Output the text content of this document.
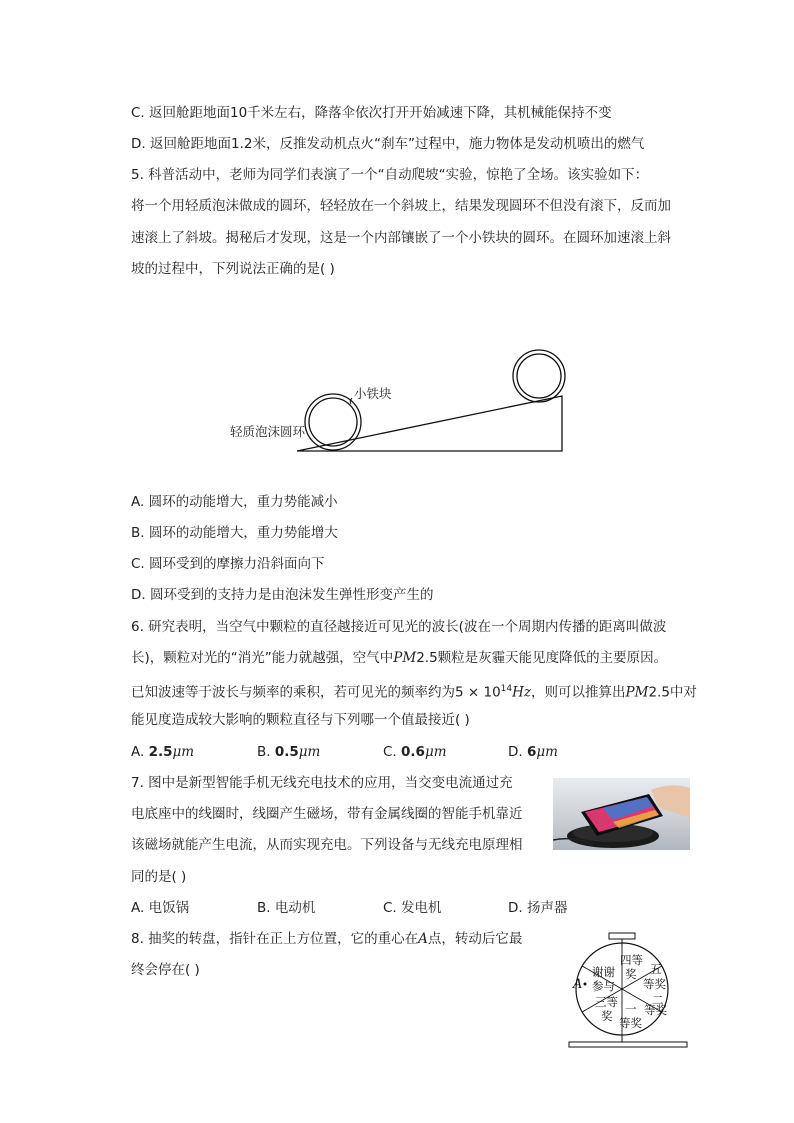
C. 返回舱距地面10千米左右，降落伞依次打开开始减速下降，其机械能保持不变
D. 返回舱距地面1.2米，反推发动机点火“刹车”过程中，施力物体是发动机喷出的燃气
5. 科普活动中，老师为同学们表演了一个“自动爬坡“实验，惊艳了全场。该实验如下：
将一个用轻质泡沫做成的圆环，轻轻放在一个斜坡上，结果发现圆环不但没有滚下，反而加
速滚上了斜坡。揭秘后才发现，这是一个内部镶嵌了一个小铁块的圆环。在圆环加速滚上斜
坡的过程中，下列说法正确的是( )
小铁块
轻质泡沫圆环
A. 圆环的动能增大，重力势能减小
B. 圆环的动能增大，重力势能增大
C. 圆环受到的摩擦力沿斜面向下
D. 圆环受到的支持力是由泡沫发生弹性形变产生的
6. 研究表明，当空气中颗粒的直径越接近可见光的波长(波在一个周期内传播的距离叫做波
长)，颗粒对光的“消光”能力就越强，空气中PM2.5颗粒是灰霾天能见度降低的主要原因。
已知波速等于波长与频率的乘积，若可见光的频率约为$5 \times 10^{14}Hz$，则可以推算出PM2.5中对
能见度造成较大影响的颗粒直径与下列哪一个值最接近( )
A. 2.5μm	B. 0.5μm	C. 0.6μm	D. 6μm
7. 图中是新型智能手机无线充电技术的应用，当交变电流通过充
电底座中的线圈时，线圈产生磁场，带有金属线圈的智能手机靠近
该磁场就能产生电流，从而实现充电。下列设备与无线充电原理相
同的是( )
A. 电饭锅	B. 电动机	C. 发电机	D. 扬声器
8. 抽奖的转盘，指针在正上方位置，它的重心在A点，转动后它最
终会停在( )
A
四等
奖 五
等奖
谢谢
参与
二
等奖
三等
奖 一
等奖
